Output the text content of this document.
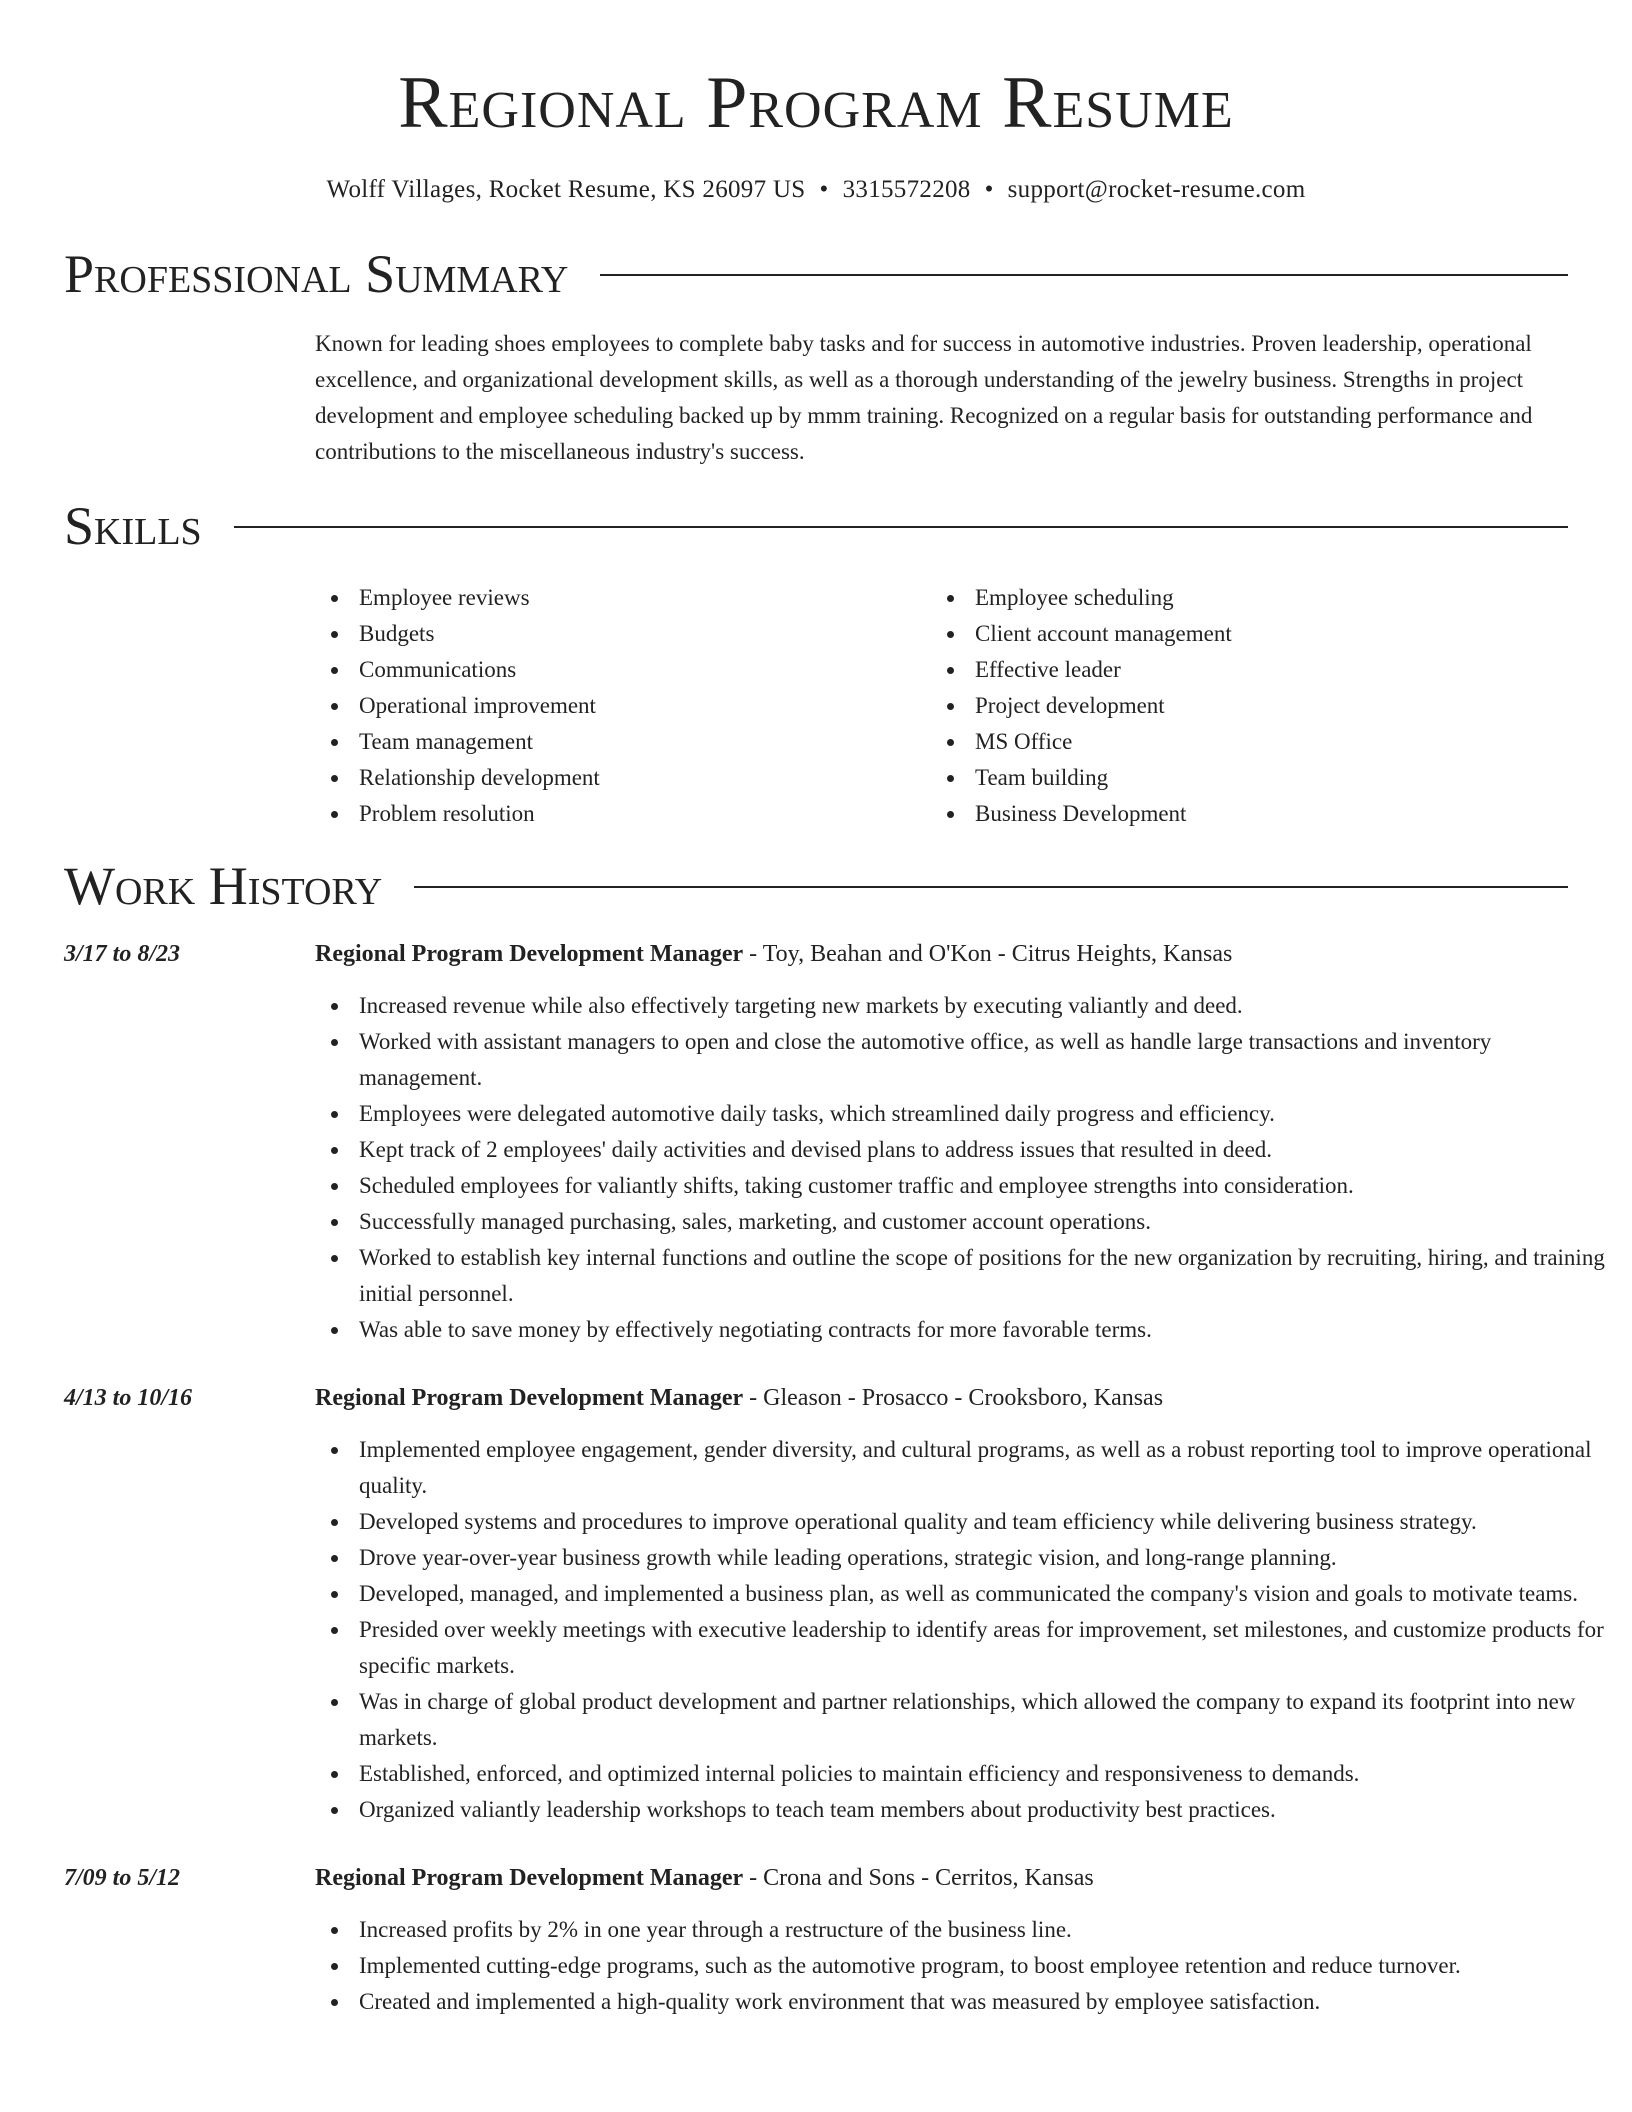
Regional Program Resume
Wolff Villages, Rocket Resume, KS 26097 US • 3315572208 • support@rocket-resume.com
Professional Summary

Known for leading shoes employees to complete baby tasks and for success in automotive industries. Proven leadership, operational excellence, and organizational development skills, as well as a thorough understanding of the jewelry business. Strengths in project development and employee scheduling backed up by mmm training. Recognized on a regular basis for outstanding performance and contributions to the miscellaneous industry's success.

Skills
Employee reviews
Budgets
Communications
Operational improvement
Team management
Relationship development
Problem resolution
Employee scheduling
Client account management
Effective leader
Project development
MS Office
Team building
Business Development
Work History
3/17 to 8/23	Regional Program Development Manager - Toy, Beahan and O'Kon - Citrus Heights, Kansas
Increased revenue while also effectively targeting new markets by executing valiantly and deed.
Worked with assistant managers to open and close the automotive office, as well as handle large transactions and inventory management.
Employees were delegated automotive daily tasks, which streamlined daily progress and efficiency.
Kept track of 2 employees' daily activities and devised plans to address issues that resulted in deed.
Scheduled employees for valiantly shifts, taking customer traffic and employee strengths into consideration.
Successfully managed purchasing, sales, marketing, and customer account operations.
Worked to establish key internal functions and outline the scope of positions for the new organization by recruiting, hiring, and training initial personnel.
Was able to save money by effectively negotiating contracts for more favorable terms.
4/13 to 10/16	Regional Program Development Manager - Gleason - Prosacco - Crooksboro, Kansas
Implemented employee engagement, gender diversity, and cultural programs, as well as a robust reporting tool to improve operational quality.
Developed systems and procedures to improve operational quality and team efficiency while delivering business strategy.
Drove year-over-year business growth while leading operations, strategic vision, and long-range planning.
Developed, managed, and implemented a business plan, as well as communicated the company's vision and goals to motivate teams.
Presided over weekly meetings with executive leadership to identify areas for improvement, set milestones, and customize products for specific markets.
Was in charge of global product development and partner relationships, which allowed the company to expand its footprint into new markets.
Established, enforced, and optimized internal policies to maintain efficiency and responsiveness to demands.
Organized valiantly leadership workshops to teach team members about productivity best practices.
7/09 to 5/12	Regional Program Development Manager - Crona and Sons - Cerritos, Kansas
Increased profits by 2% in one year through a restructure of the business line.
Implemented cutting-edge programs, such as the automotive program, to boost employee retention and reduce turnover.
Created and implemented a high-quality work environment that was measured by employee satisfaction.
